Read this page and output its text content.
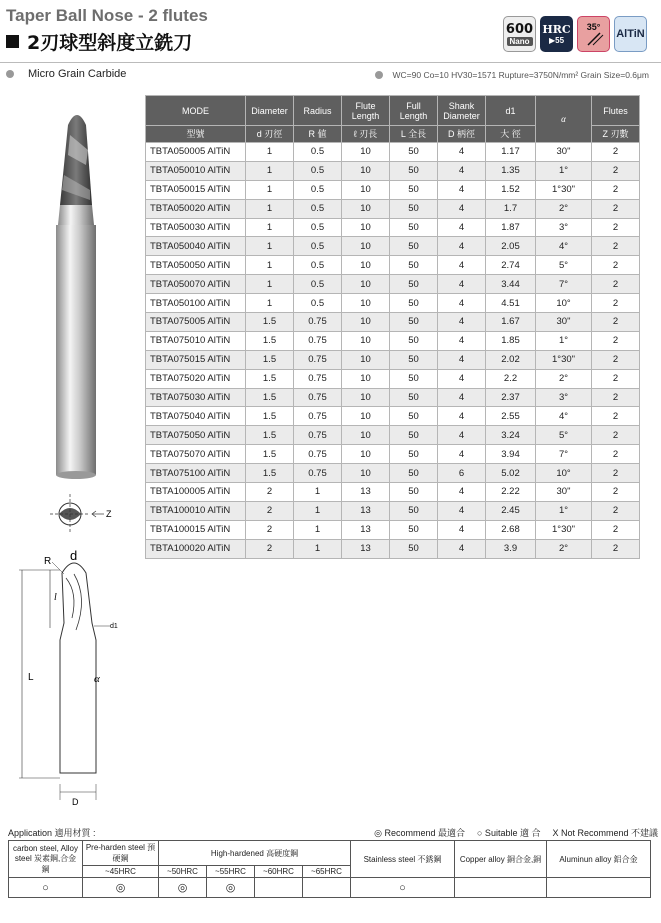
Taper Ball Nose - 2 flutes
2刃球型斜度立銑刀
600
Nano
HRC
▶55
35°
AlTiN
Micro Grain Carbide	WC=90 Co=10 HV30=1571 Rupture=3750N/mm² Grain Size=0.6μm
Z
L
l
R d
d1
α
D
MODE	Diameter	Radius	Flute Length	Full Length	Shank Diameter	d1	α	Flutes
型號	d 刃徑	R 値	ℓ 刃長	L 全長	D 柄徑	大 徑		Z 刃數
TBTA050005 AlTiN	1	0.5	10	50	4	1.17	30"	2
TBTA050010 AlTiN	1	0.5	10	50	4	1.35	1°	2
TBTA050015 AlTiN	1	0.5	10	50	4	1.52	1°30"	2
TBTA050020 AlTiN	1	0.5	10	50	4	1.7	2°	2
TBTA050030 AlTiN	1	0.5	10	50	4	1.87	3°	2
TBTA050040 AlTiN	1	0.5	10	50	4	2.05	4°	2
TBTA050050 AlTiN	1	0.5	10	50	4	2.74	5°	2
TBTA050070 AlTiN	1	0.5	10	50	4	3.44	7°	2
TBTA050100 AlTiN	1	0.5	10	50	4	4.51	10°	2
TBTA075005 AlTiN	1.5	0.75	10	50	4	1.67	30"	2
TBTA075010 AlTiN	1.5	0.75	10	50	4	1.85	1°	2
TBTA075015 AlTiN	1.5	0.75	10	50	4	2.02	1°30"	2
TBTA075020 AlTiN	1.5	0.75	10	50	4	2.2	2°	2
TBTA075030 AlTiN	1.5	0.75	10	50	4	2.37	3°	2
TBTA075040 AlTiN	1.5	0.75	10	50	4	2.55	4°	2
TBTA075050 AlTiN	1.5	0.75	10	50	4	3.24	5°	2
TBTA075070 AlTiN	1.5	0.75	10	50	4	3.94	7°	2
TBTA075100 AlTiN	1.5	0.75	10	50	6	5.02	10°	2
TBTA100005 AlTiN	2	1	13	50	4	2.22	30"	2
TBTA100010 AlTiN	2	1	13	50	4	2.45	1°	2
TBTA100015 AlTiN	2	1	13	50	4	2.68	1°30"	2
TBTA100020 AlTiN	2	1	13	50	4	3.9	2°	2
Application 適用材質 :	◎ Recommend 最適合 ○ Suitable 適 合 X Not Recommend 不建議
carbon steel, Alloy steel 炭素鋼,合金鋼	Pre-harden steel 預硬鋼	High-hardened 高硬度鋼				Stainless steel 不銹鋼	Copper alloy 銅合金,銅	Aluminun alloy 鋁合金
	~45HRC	~50HRC	~55HRC	~60HRC	~65HRC			
○	◎	◎	◎			○		
